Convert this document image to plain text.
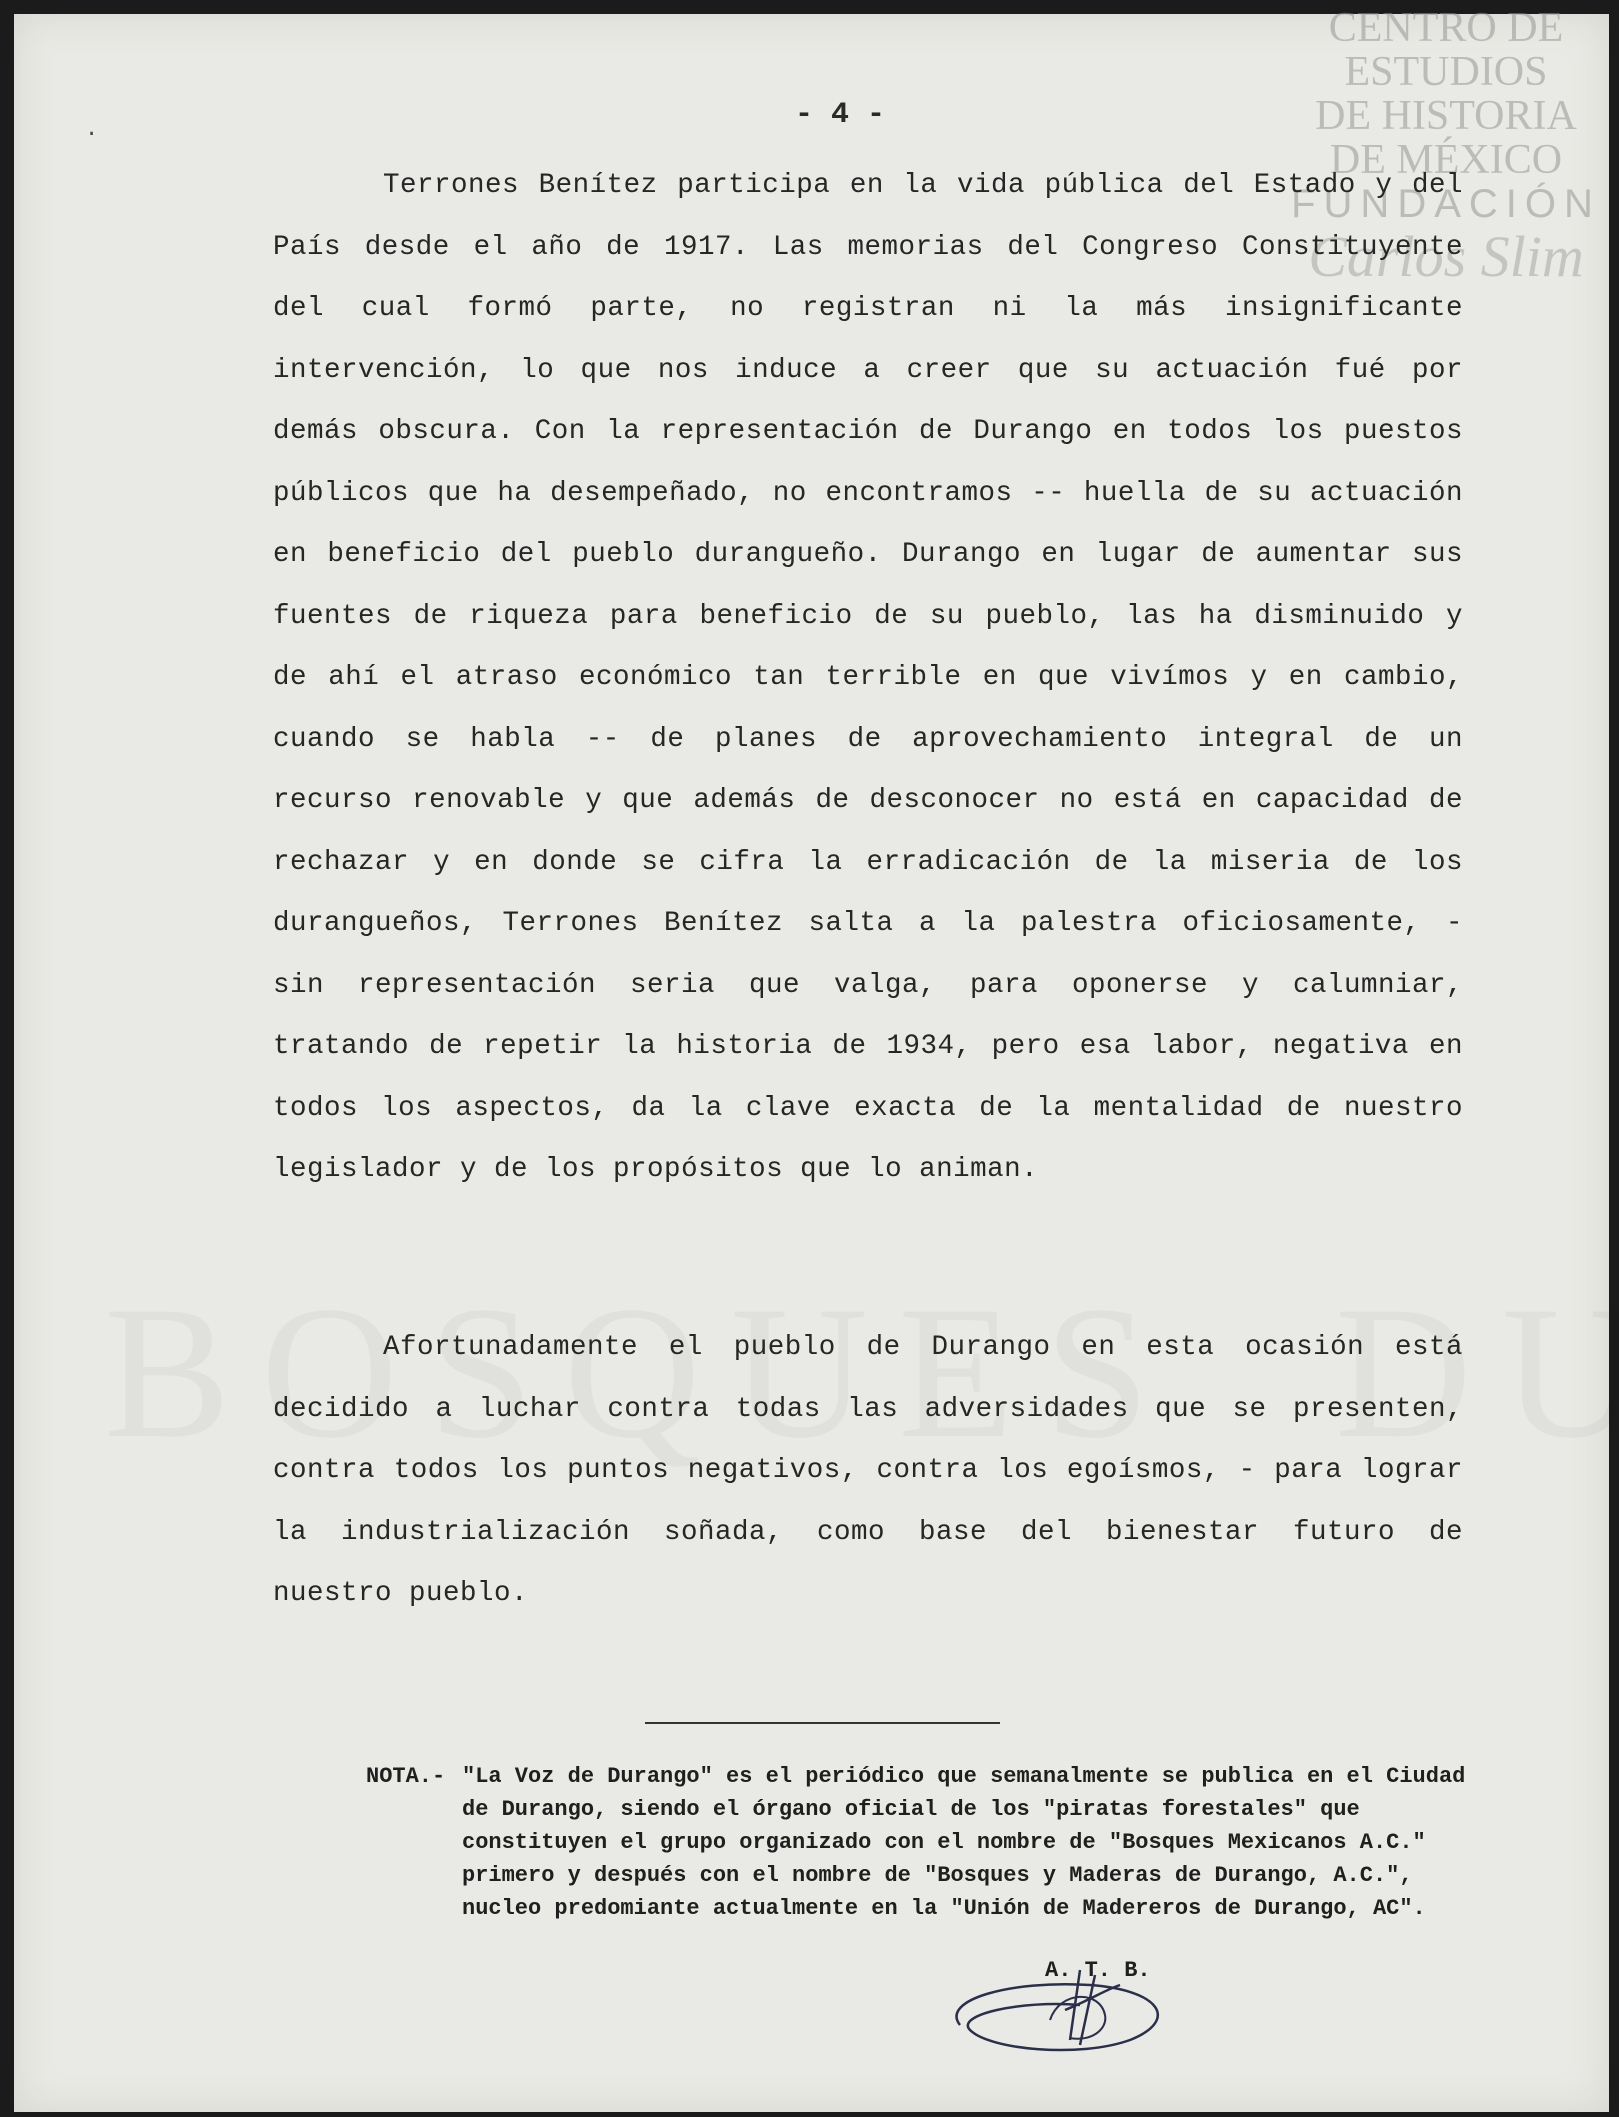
.
CENTRO DE
ESTUDIOS
DE HISTORIA
DE MÉXICO
FUNDACIÓN
Carlos Slim
- 4 -
Terrones Benítez participa en la vida pública del Estado y del País desde el año de 1917. Las memorias del Congreso Constituyente del cual formó parte, no registran ni la más insignificante intervención, lo que nos induce a creer que su actuación fué por demás obscura. Con la representación de Durango en todos los puestos públicos que ha desempeñado, no encontramos -- huella de su actuación en beneficio del pueblo durangueño. Durango en lugar de aumentar sus fuentes de riqueza para beneficio de su pueblo, las ha disminuido y de ahí el atraso económico tan terrible en que vivímos y en cambio, cuando se habla -- de planes de aprovechamiento integral de un recurso renovable y que además de desconocer no está en capacidad de rechazar y en donde se cifra la erradicación de la miseria de los durangueños, Terrones Benítez salta a la palestra oficiosamente, - sin representación seria que valga, para oponerse y calumniar, tratando de repetir la historia de 1934, pero esa labor, negativa en todos los aspectos, da la clave exacta de la mentalidad de nuestro legislador y de los propósitos que lo animan.
Afortunadamente el pueblo de Durango en esta ocasión está decidido a luchar contra todas las adversidades que se presenten, contra todos los puntos negativos, contra los egoísmos, - para lograr la industrialización soñada, como base del bienestar futuro de nuestro pueblo.
NOTA.- "La Voz de Durango" es el periódico que semanalmente se publica en el Ciudad de Durango, siendo el órgano oficial de los "piratas forestales" que constituyen el grupo organizado con el nombre de "Bosques Mexicanos A.C." primero y después con el nombre de "Bosques y Maderas de Durango, A.C.", nucleo predomiante actualmente en la "Unión de Madereros de Durango, AC".
A. T. B.
